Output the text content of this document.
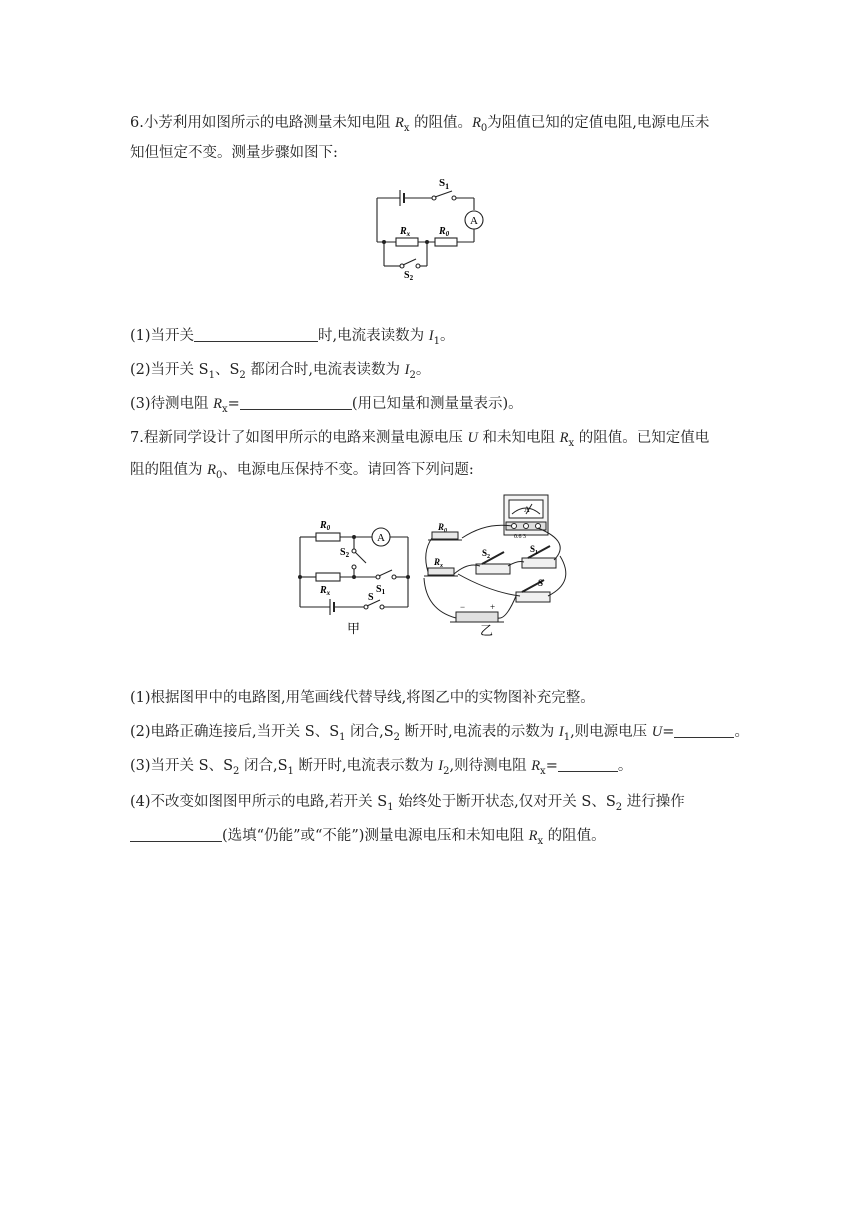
6.小芳利用如图所示的电路测量未知电阻 $R_x$ 的阻值。$R_0$为阻值已知的定值电阻,电源电压未
知但恒定不变。测量步骤如图下:
A
$S_1$
$R_x$	$R_0$
$S_2$
(1)当开关	时,电流表读数为 $I_1$。
(2)当开关 $S_1$、$S_2$ 都闭合时,电流表读数为 $I_2$。
(3)待测电阻 $R_x=$	(用已知量和测量量表示)。
7.程新同学设计了如图甲所示的电路来测量电源电压 U 和未知电阻 $R_x$ 的阻值。已知定值电
阻的阻值为 $R_0$、电源电压保持不变。请回答下列问题:
A
$R_0$
$R_x$
$S_2$
$S_1$
S
甲
A
0.6 3
$R_0$
$R_x$
$S_2$
$S_1$
S
−	+
乙
(1)根据图甲中的电路图,用笔画线代替导线,将图乙中的实物图补充完整。
(2)电路正确连接后,当开关 S、$S_1$ 闭合$,S_2$ 断开时,电流表的示数为 $I_1$,则电源电压 U=	。
(3)当开关 S、$S_2$ 闭合$,S_1$ 断开时,电流表示数为 $I_2$,则待测电阻 $R_x=$	。
(4)不改变如图图甲所示的电路,若开关 $S_1$ 始终处于断开状态,仅对开关 S、$S_2$ 进行操作
(选填“仍能”或“不能”)测量电源电压和未知电阻 $R_x$ 的阻值。
